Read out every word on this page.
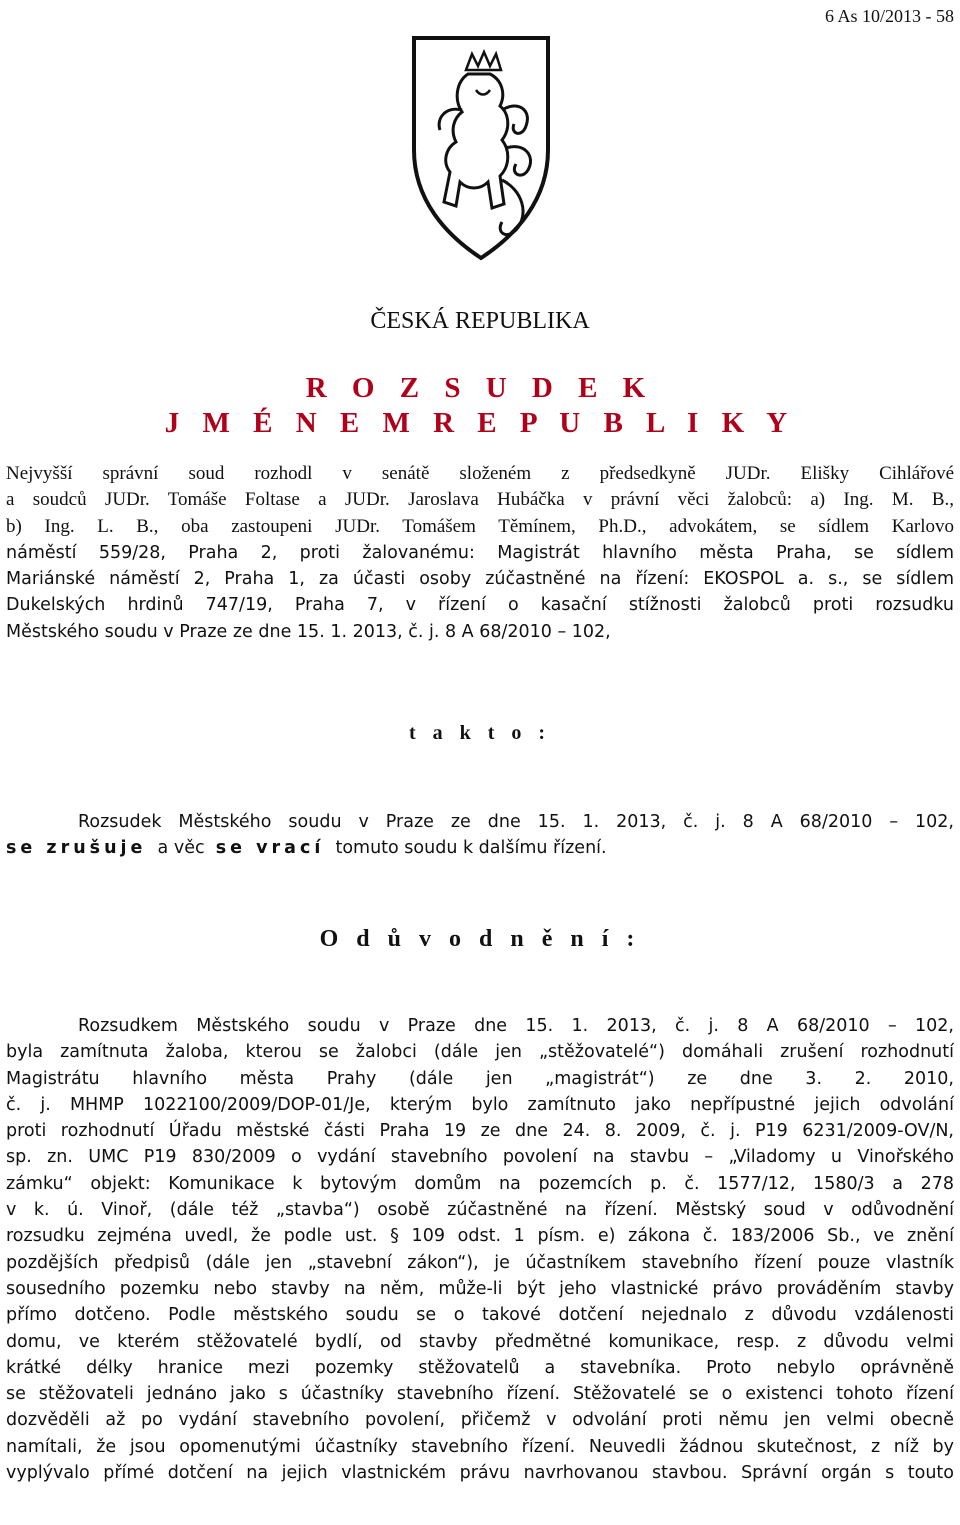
6 As 10/2013 - 58
ČESKÁ REPUBLIKA
R O Z S U D E K
J M É N E M R E P U B L I K Y
Nejvyšší správní soud rozhodl v senátě složeném z předsedkyně JUDr. Elišky Cihlářové
a soudců JUDr. Tomáše Foltase a JUDr. Jaroslava Hubáčka v právní věci žalobců: a) Ing. M. B.,
b) Ing. L. B., oba zastoupeni JUDr. Tomášem Těmínem, Ph.D., advokátem, se sídlem Karlovo
náměstí 559/28, Praha 2, proti žalovanému: Magistrát hlavního města Praha, se sídlem
Mariánské náměstí 2, Praha 1, za účasti osoby zúčastněné na řízení: EKOSPOL a. s., se sídlem
Dukelských hrdinů 747/19, Praha 7, v řízení o kasační stížnosti žalobců proti rozsudku
Městského soudu v Praze ze dne 15. 1. 2013, č. j. 8 A 68/2010 – 102,
t a k t o :
Rozsudek Městského soudu v Praze ze dne 15. 1. 2013, č. j. 8 A 68/2010 – 102,
se zrušuje a věc se vrací tomuto soudu k dalšímu řízení.
O d ů v o d n ě n í :
Rozsudkem Městského soudu v Praze dne 15. 1. 2013, č. j. 8 A 68/2010 – 102,
byla zamítnuta žaloba, kterou se žalobci (dále jen „stěžovatelé“) domáhali zrušení rozhodnutí
Magistrátu hlavního města Prahy (dále jen „magistrát“) ze dne 3. 2. 2010,
č. j. MHMP 1022100/2009/DOP-01/Je, kterým bylo zamítnuto jako nepřípustné jejich odvolání
proti rozhodnutí Úřadu městské části Praha 19 ze dne 24. 8. 2009, č. j. P19 6231/2009-OV/N,
sp. zn. UMC P19 830/2009 o vydání stavebního povolení na stavbu – „Viladomy u Vinořského
zámku“ objekt: Komunikace k bytovým domům na pozemcích p. č. 1577/12, 1580/3 a 278
v k. ú. Vinoř, (dále též „stavba“) osobě zúčastněné na řízení. Městský soud v odůvodnění
rozsudku zejména uvedl, že podle ust. § 109 odst. 1 písm. e) zákona č. 183/2006 Sb., ve znění
pozdějších předpisů (dále jen „stavební zákon“), je účastníkem stavebního řízení pouze vlastník
sousedního pozemku nebo stavby na něm, může-li být jeho vlastnické právo prováděním stavby
přímo dotčeno. Podle městského soudu se o takové dotčení nejednalo z důvodu vzdálenosti
domu, ve kterém stěžovatelé bydlí, od stavby předmětné komunikace, resp. z důvodu velmi
krátké délky hranice mezi pozemky stěžovatelů a stavebníka. Proto nebylo oprávněně
se stěžovateli jednáno jako s účastníky stavebního řízení. Stěžovatelé se o existenci tohoto řízení
dozvěděli až po vydání stavebního povolení, přičemž v odvolání proti němu jen velmi obecně
namítali, že jsou opomenutými účastníky stavebního řízení. Neuvedli žádnou skutečnost, z níž by
vyplývalo přímé dotčení na jejich vlastnickém právu navrhovanou stavbou. Správní orgán s touto
